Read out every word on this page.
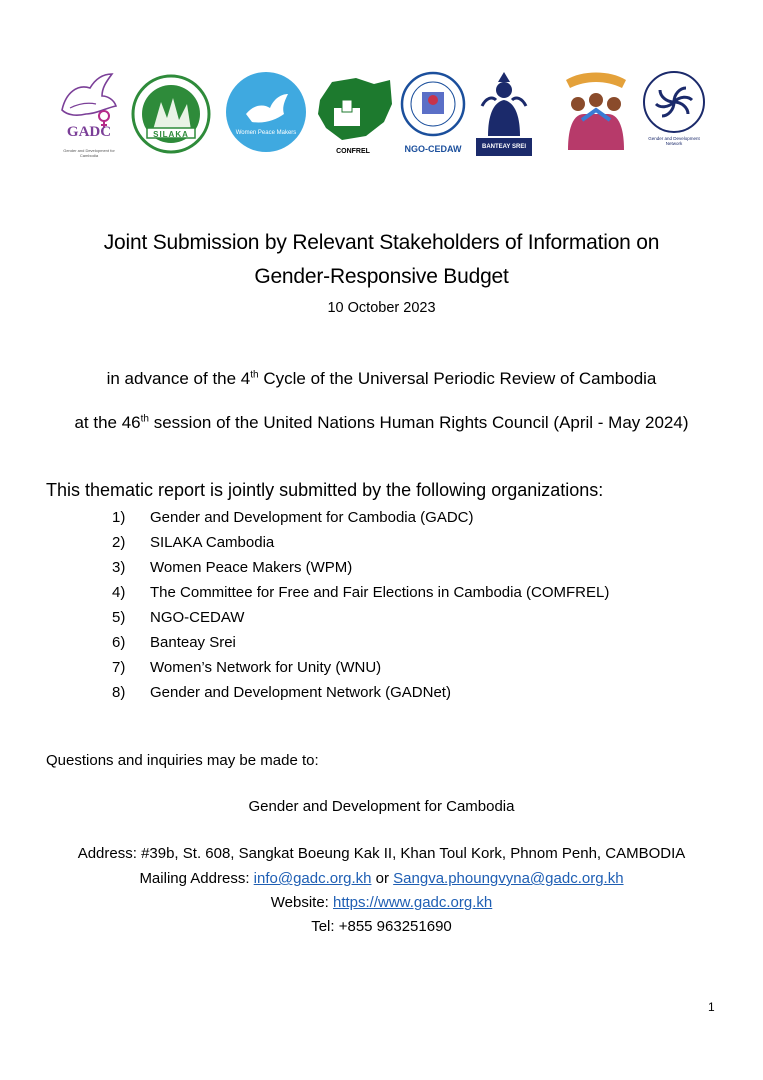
GADC
Gender and Development for Cambodia
SILAKA	Women Peace Makers
CONFREL	NGO-CEDAW	BANTEAY SREI
Gender and Development Network
Joint Submission by Relevant Stakeholders of Information on
Gender-Responsive Budget
10 October 2023
in advance of the 4th Cycle of the Universal Periodic Review of Cambodia
at the 46th session of the United Nations Human Rights Council (April - May 2024)
This thematic report is jointly submitted by the following organizations:
1) Gender and Development for Cambodia (GADC)
2) SILAKA Cambodia
3) Women Peace Makers (WPM)
4) The Committee for Free and Fair Elections in Cambodia (COMFREL)
5) NGO-CEDAW
6) Banteay Srei
7) Women’s Network for Unity (WNU)
8) Gender and Development Network (GADNet)
Questions and inquiries may be made to:
Gender and Development for Cambodia
Address: #39b, St. 608, Sangkat Boeung Kak II, Khan Toul Kork, Phnom Penh, CAMBODIA
Mailing Address: info@gadc.org.kh or Sangva.phoungvyna@gadc.org.kh
Website: https://www.gadc.org.kh
Tel: +855 963251690
1
